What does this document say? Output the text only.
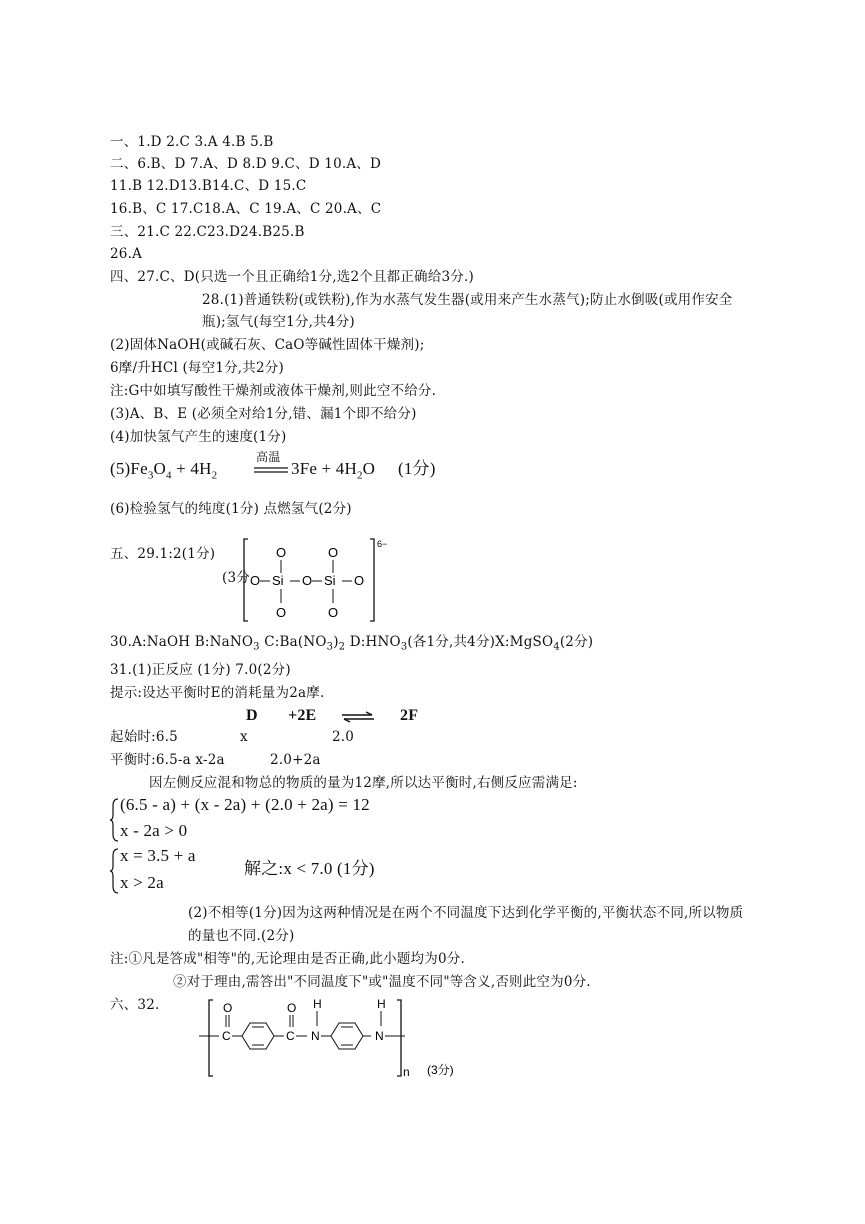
一、1.D 2.C 3.A 4.B 5.B
二、6.B、D 7.A、D 8.D 9.C、D 10.A、D
11.B 12.D13.B14.C、D 15.C
16.B、C 17.C18.A、C 19.A、C 20.A、C
三、21.C 22.C23.D24.B25.B
26.A
四、27.C、D(只选一个且正确给1分,选2个且都正确给3分.)
28.(1)普通铁粉(或铁粉),作为水蒸气发生器(或用来产生水蒸气);防止水倒吸(或用作安全
瓶);氢气(每空1分,共4分)
(2)固体NaOH(或碱石灰、CaO等碱性固体干燥剂);
6摩/升HCl (每空1分,共2分)
注:G中如填写酸性干燥剂或液体干燥剂,则此空不给分.
(3)A、B、E (必须全对给1分,错、漏1个即不给分)
(4)加快氢气产生的速度(1分)
$(5)Fe_3O_4 + 4H_2$
高温
$3Fe + 4H_2O$ (1分)
(6)检验氢气的纯度(1分) 点燃氢气(2分)
五、29.1:2(1分)
(3分
6−
O	O
O Si O Si O
O	O
30.A:NaOH B:NaNO$_3$ $C:Ba(NO_3)_2$ $D:HNO_3$(各1分,共4分)X:MgSO$_4$(2分)
31.(1)正反应 (1分) 7.0(2分)
提示:设达平衡时E的消耗量为2a摩.
D +2E	2F
起始时:6.5	x	2.0
平衡时:6.5-a x-2a	2.0+2a
因左侧反应混和物总的物质的量为12摩,所以达平衡时,右侧反应需满足:
(6.5 - a) + (x - 2a) + (2.0 + 2a) = 12
x - 2a > 0
x = 3.5 + a
x > 2a
解之:x < 7.0 (1分)
(2)不相等(1分)因为这两种情况是在两个不同温度下达到化学平衡的,平衡状态不同,所以物质
的量也不同.(2分)
注:①凡是答成"相等"的,无论理由是否正确,此小题均为0分.
②对于理由,需答出"不同温度下"或"温度不同"等含义,否则此空为0分.
六、32.
n (3分)
O
C
O
C
H
N
H
N
